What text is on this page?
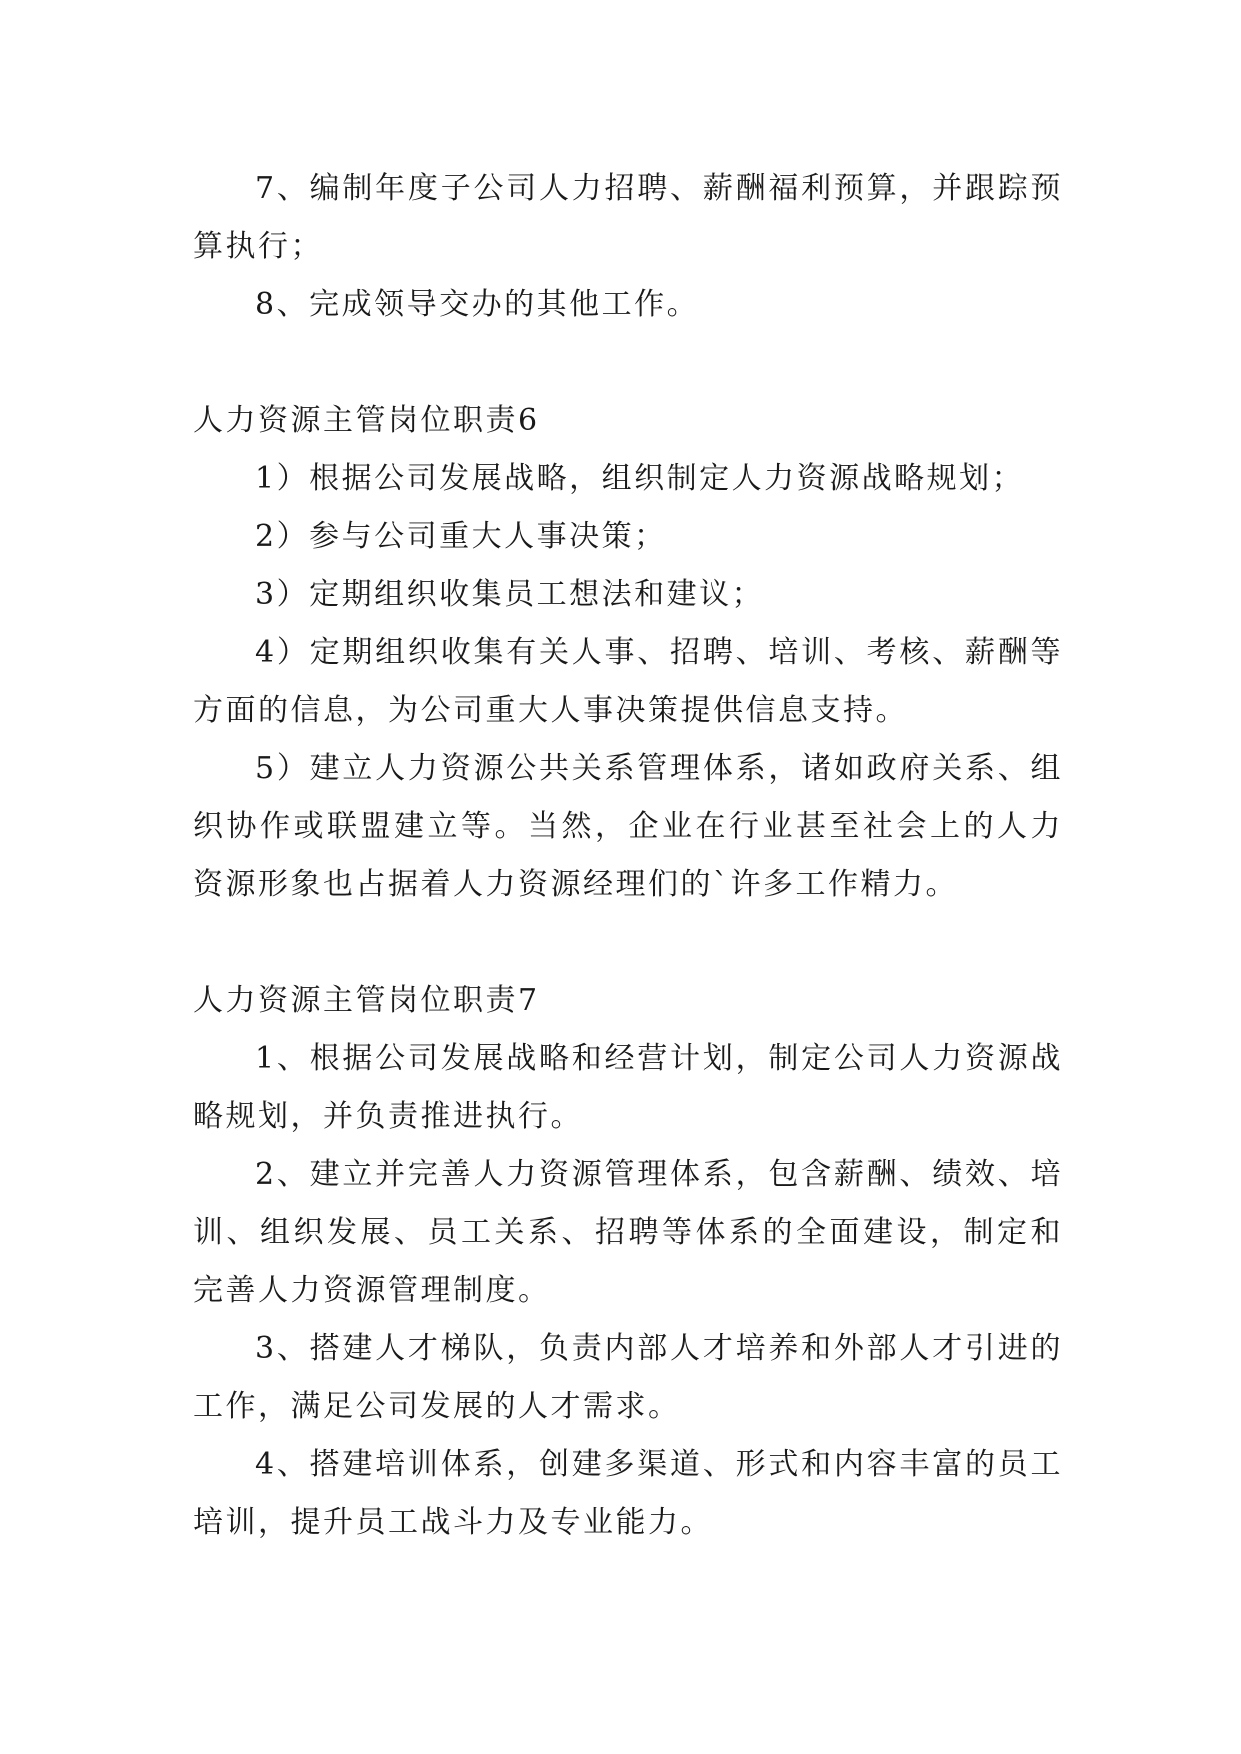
7、编制年度子公司人力招聘、薪酬福利预算，并跟踪预算执行；

8、完成领导交办的其他工作。

人力资源主管岗位职责6

1）根据公司发展战略，组织制定人力资源战略规划；

2）参与公司重大人事决策；

3）定期组织收集员工想法和建议；

4）定期组织收集有关人事、招聘、培训、考核、薪酬等方面的信息，为公司重大人事决策提供信息支持。

5）建立人力资源公共关系管理体系，诸如政府关系、组织协作或联盟建立等。当然，企业在行业甚至社会上的人力资源形象也占据着人力资源经理们的`许多工作精力。

人力资源主管岗位职责7

1、根据公司发展战略和经营计划，制定公司人力资源战略规划，并负责推进执行。

2、建立并完善人力资源管理体系，包含薪酬、绩效、培训、组织发展、员工关系、招聘等体系的全面建设，制定和完善人力资源管理制度。

3、搭建人才梯队，负责内部人才培养和外部人才引进的工作，满足公司发展的人才需求。

4、搭建培训体系，创建多渠道、形式和内容丰富的员工培训，提升员工战斗力及专业能力。
